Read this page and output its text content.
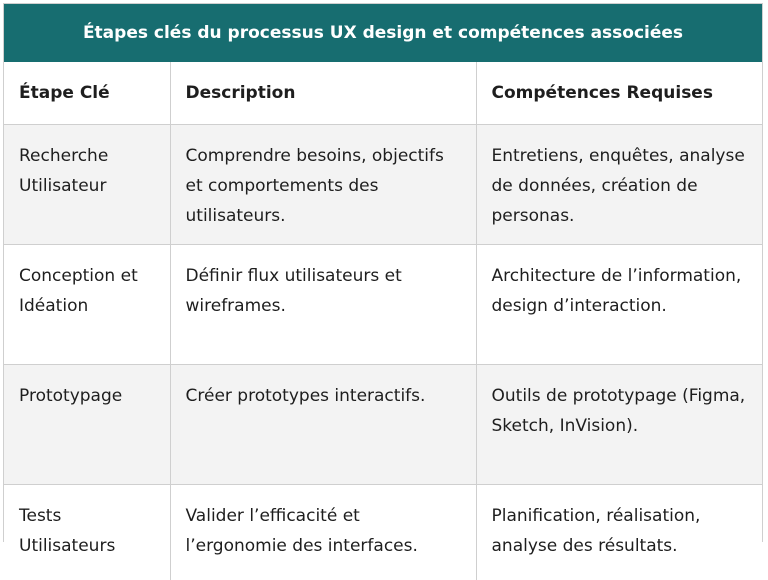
Étapes clés du processus UX design et compétences associées
Étape Clé	Description	Compétences Requises
Recherche Utilisateur	Comprendre besoins, objectifs et comportements des utilisateurs.	Entretiens, enquêtes, analyse de données, création de personas.
Conception et Idéation	Définir flux utilisateurs et wireframes.	Architecture de l’information, design d’interaction.
Prototypage	Créer prototypes interactifs.	Outils de prototypage (Figma, Sketch, InVision).
Tests Utilisateurs	Valider l’efficacité et l’ergonomie des interfaces.	Planification, réalisation, analyse des résultats.
